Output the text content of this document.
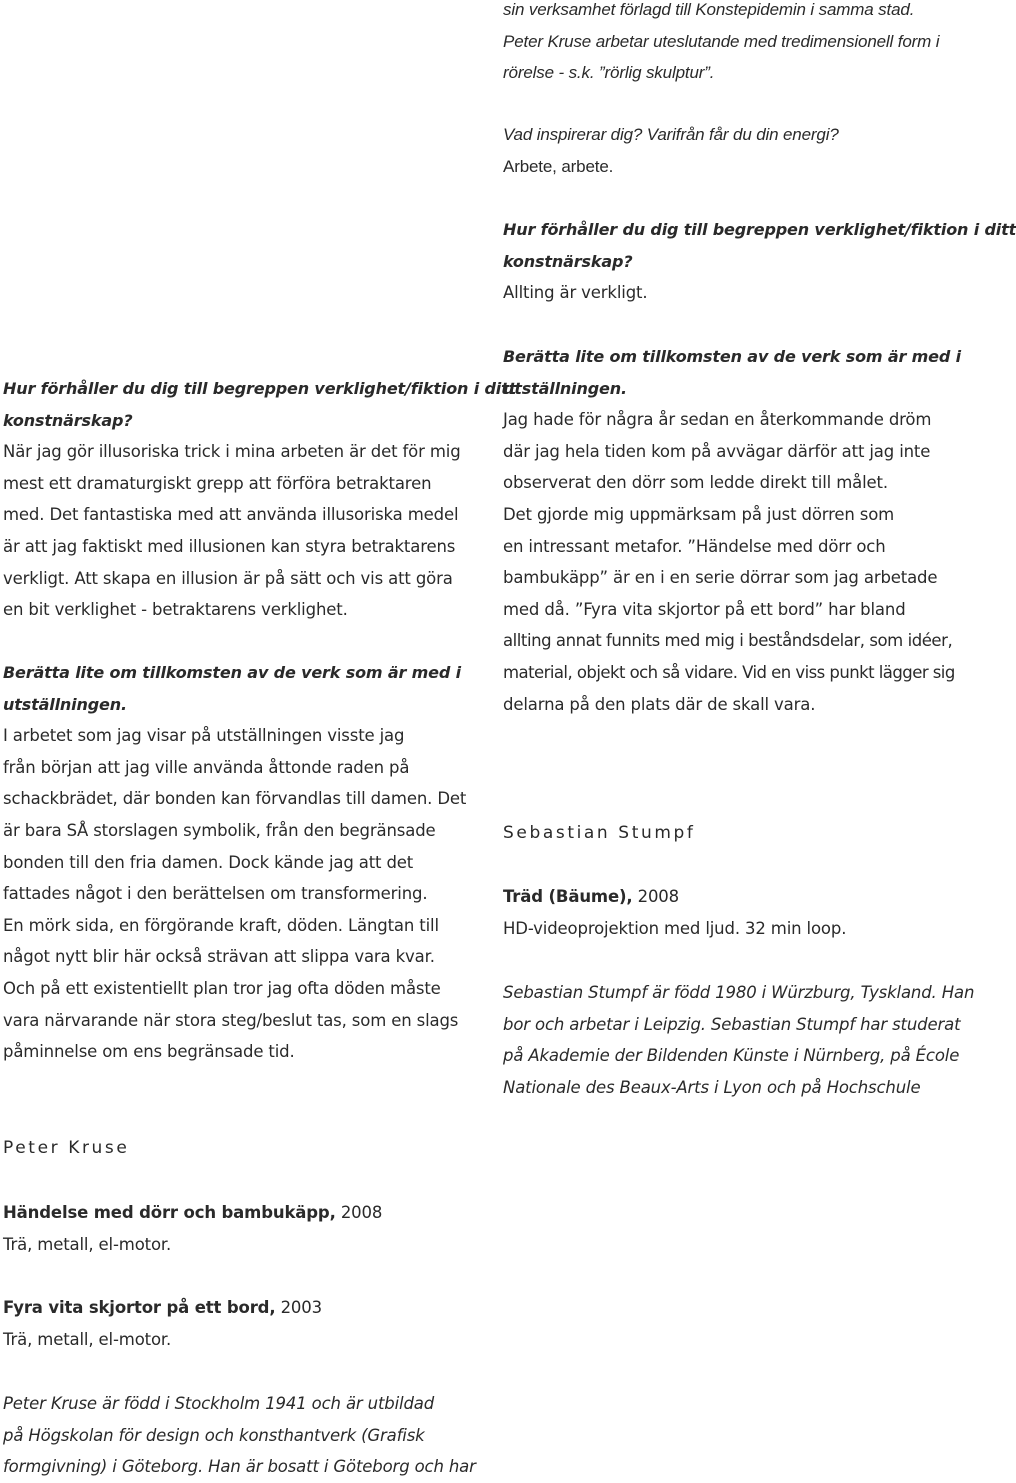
sin verksamhet förlagd till Konstepidemin i samma stad.
Peter Kruse arbetar uteslutande med tredimensionell form i
rörelse - s.k. ”rörlig skulptur”.
Vad inspirerar dig? Varifrån får du din energi?
Arbete, arbete.
Hur förhåller du dig till begreppen verklighet/fiktion i ditt
konstnärskap?
Allting är verkligt.
Hur förhåller du dig till begreppen verklighet/fiktion i ditt
konstnärskap?
När jag gör illusoriska trick i mina arbeten är det för mig
mest ett dramaturgiskt grepp att förföra betraktaren
med. Det fantastiska med att använda illusoriska medel
är att jag faktiskt med illusionen kan styra betraktarens
verkligt. Att skapa en illusion är på sätt och vis att göra
en bit verklighet - betraktarens verklighet.
Berätta lite om tillkomsten av de verk som är med i
utställningen.
I arbetet som jag visar på utställningen visste jag
från början att jag ville använda åttonde raden på
schackbrädet, där bonden kan förvandlas till damen. Det
är bara SÅ storslagen symbolik, från den begränsade
bonden till den fria damen. Dock kände jag att det
fattades något i den berättelsen om transformering.
En mörk sida, en förgörande kraft, döden. Längtan till
något nytt blir här också strävan att slippa vara kvar.
Och på ett existentiellt plan tror jag ofta döden måste
vara närvarande när stora steg/beslut tas, som en slags
påminnelse om ens begränsade tid.
Berätta lite om tillkomsten av de verk som är med i
utställningen.
Jag hade för några år sedan en återkommande dröm
där jag hela tiden kom på avvägar därför att jag inte
observerat den dörr som ledde direkt till målet.
Det gjorde mig uppmärksam på just dörren som
en intressant metafor. ”Händelse med dörr och
bambukäpp” är en i en serie dörrar som jag arbetade
med då. ”Fyra vita skjortor på ett bord” har bland
allting annat funnits med mig i beståndsdelar, som idéer,
material, objekt och så vidare. Vid en viss punkt lägger sig
delarna på den plats där de skall vara.
Sebastian Stumpf
Träd (Bäume), 2008
HD-videoprojektion med ljud. 32 min loop.
Sebastian Stumpf är född 1980 i Würzburg, Tyskland. Han
bor och arbetar i Leipzig. Sebastian Stumpf har studerat
på Akademie der Bildenden Künste i Nürnberg, på École
Nationale des Beaux-Arts i Lyon och på Hochschule
Peter Kruse
Händelse med dörr och bambukäpp, 2008
Trä, metall, el-motor.
Fyra vita skjortor på ett bord, 2003
Trä, metall, el-motor.
Peter Kruse är född i Stockholm 1941 och är utbildad
på Högskolan för design och konsthantverk (Grafisk
formgivning) i Göteborg. Han är bosatt i Göteborg och har
